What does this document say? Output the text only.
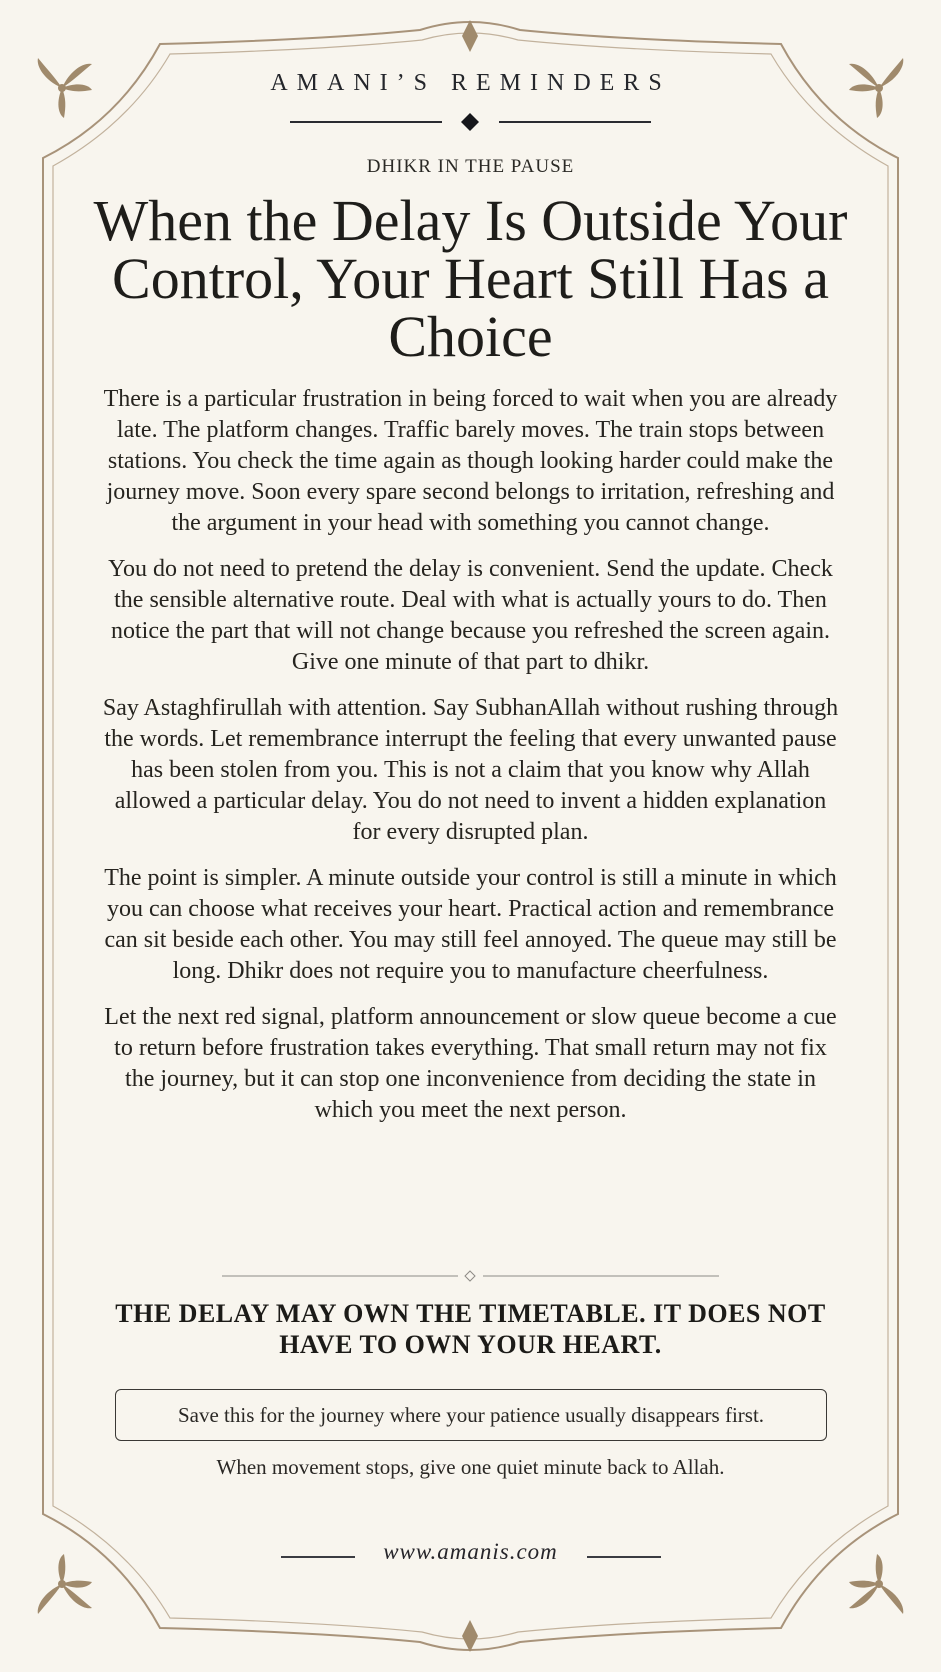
AMANI’S REMINDERS
DHIKR IN THE PAUSE
When the Delay Is Outside Your Control, Your Heart Still Has a Choice

There is a particular frustration in being forced to wait when you are already late. The platform changes. Traffic barely moves. The train stops between stations. You check the time again as though looking harder could make the journey move. Soon every spare second belongs to irritation, refreshing and the argument in your head with something you cannot change.

You do not need to pretend the delay is convenient. Send the update. Check the sensible alternative route. Deal with what is actually yours to do. Then notice the part that will not change because you refreshed the screen again. Give one minute of that part to dhikr.

Say Astaghfirullah with attention. Say SubhanAllah without rushing through the words. Let remembrance interrupt the feeling that every unwanted pause has been stolen from you. This is not a claim that you know why Allah allowed a particular delay. You do not need to invent a hidden explanation for every disrupted plan.

The point is simpler. A minute outside your control is still a minute in which you can choose what receives your heart. Practical action and remembrance can sit beside each other. You may still feel annoyed. The queue may still be long. Dhikr does not require you to manufacture cheerfulness.

Let the next red signal, platform announcement or slow queue become a cue to return before frustration takes everything. That small return may not fix the journey, but it can stop one inconvenience from deciding the state in which you meet the next person.

THE DELAY MAY OWN THE TIMETABLE. IT DOES NOT HAVE TO OWN YOUR HEART.
Save this for the journey where your patience usually disappears first.
When movement stops, give one quiet minute back to Allah.
www.amanis.com
